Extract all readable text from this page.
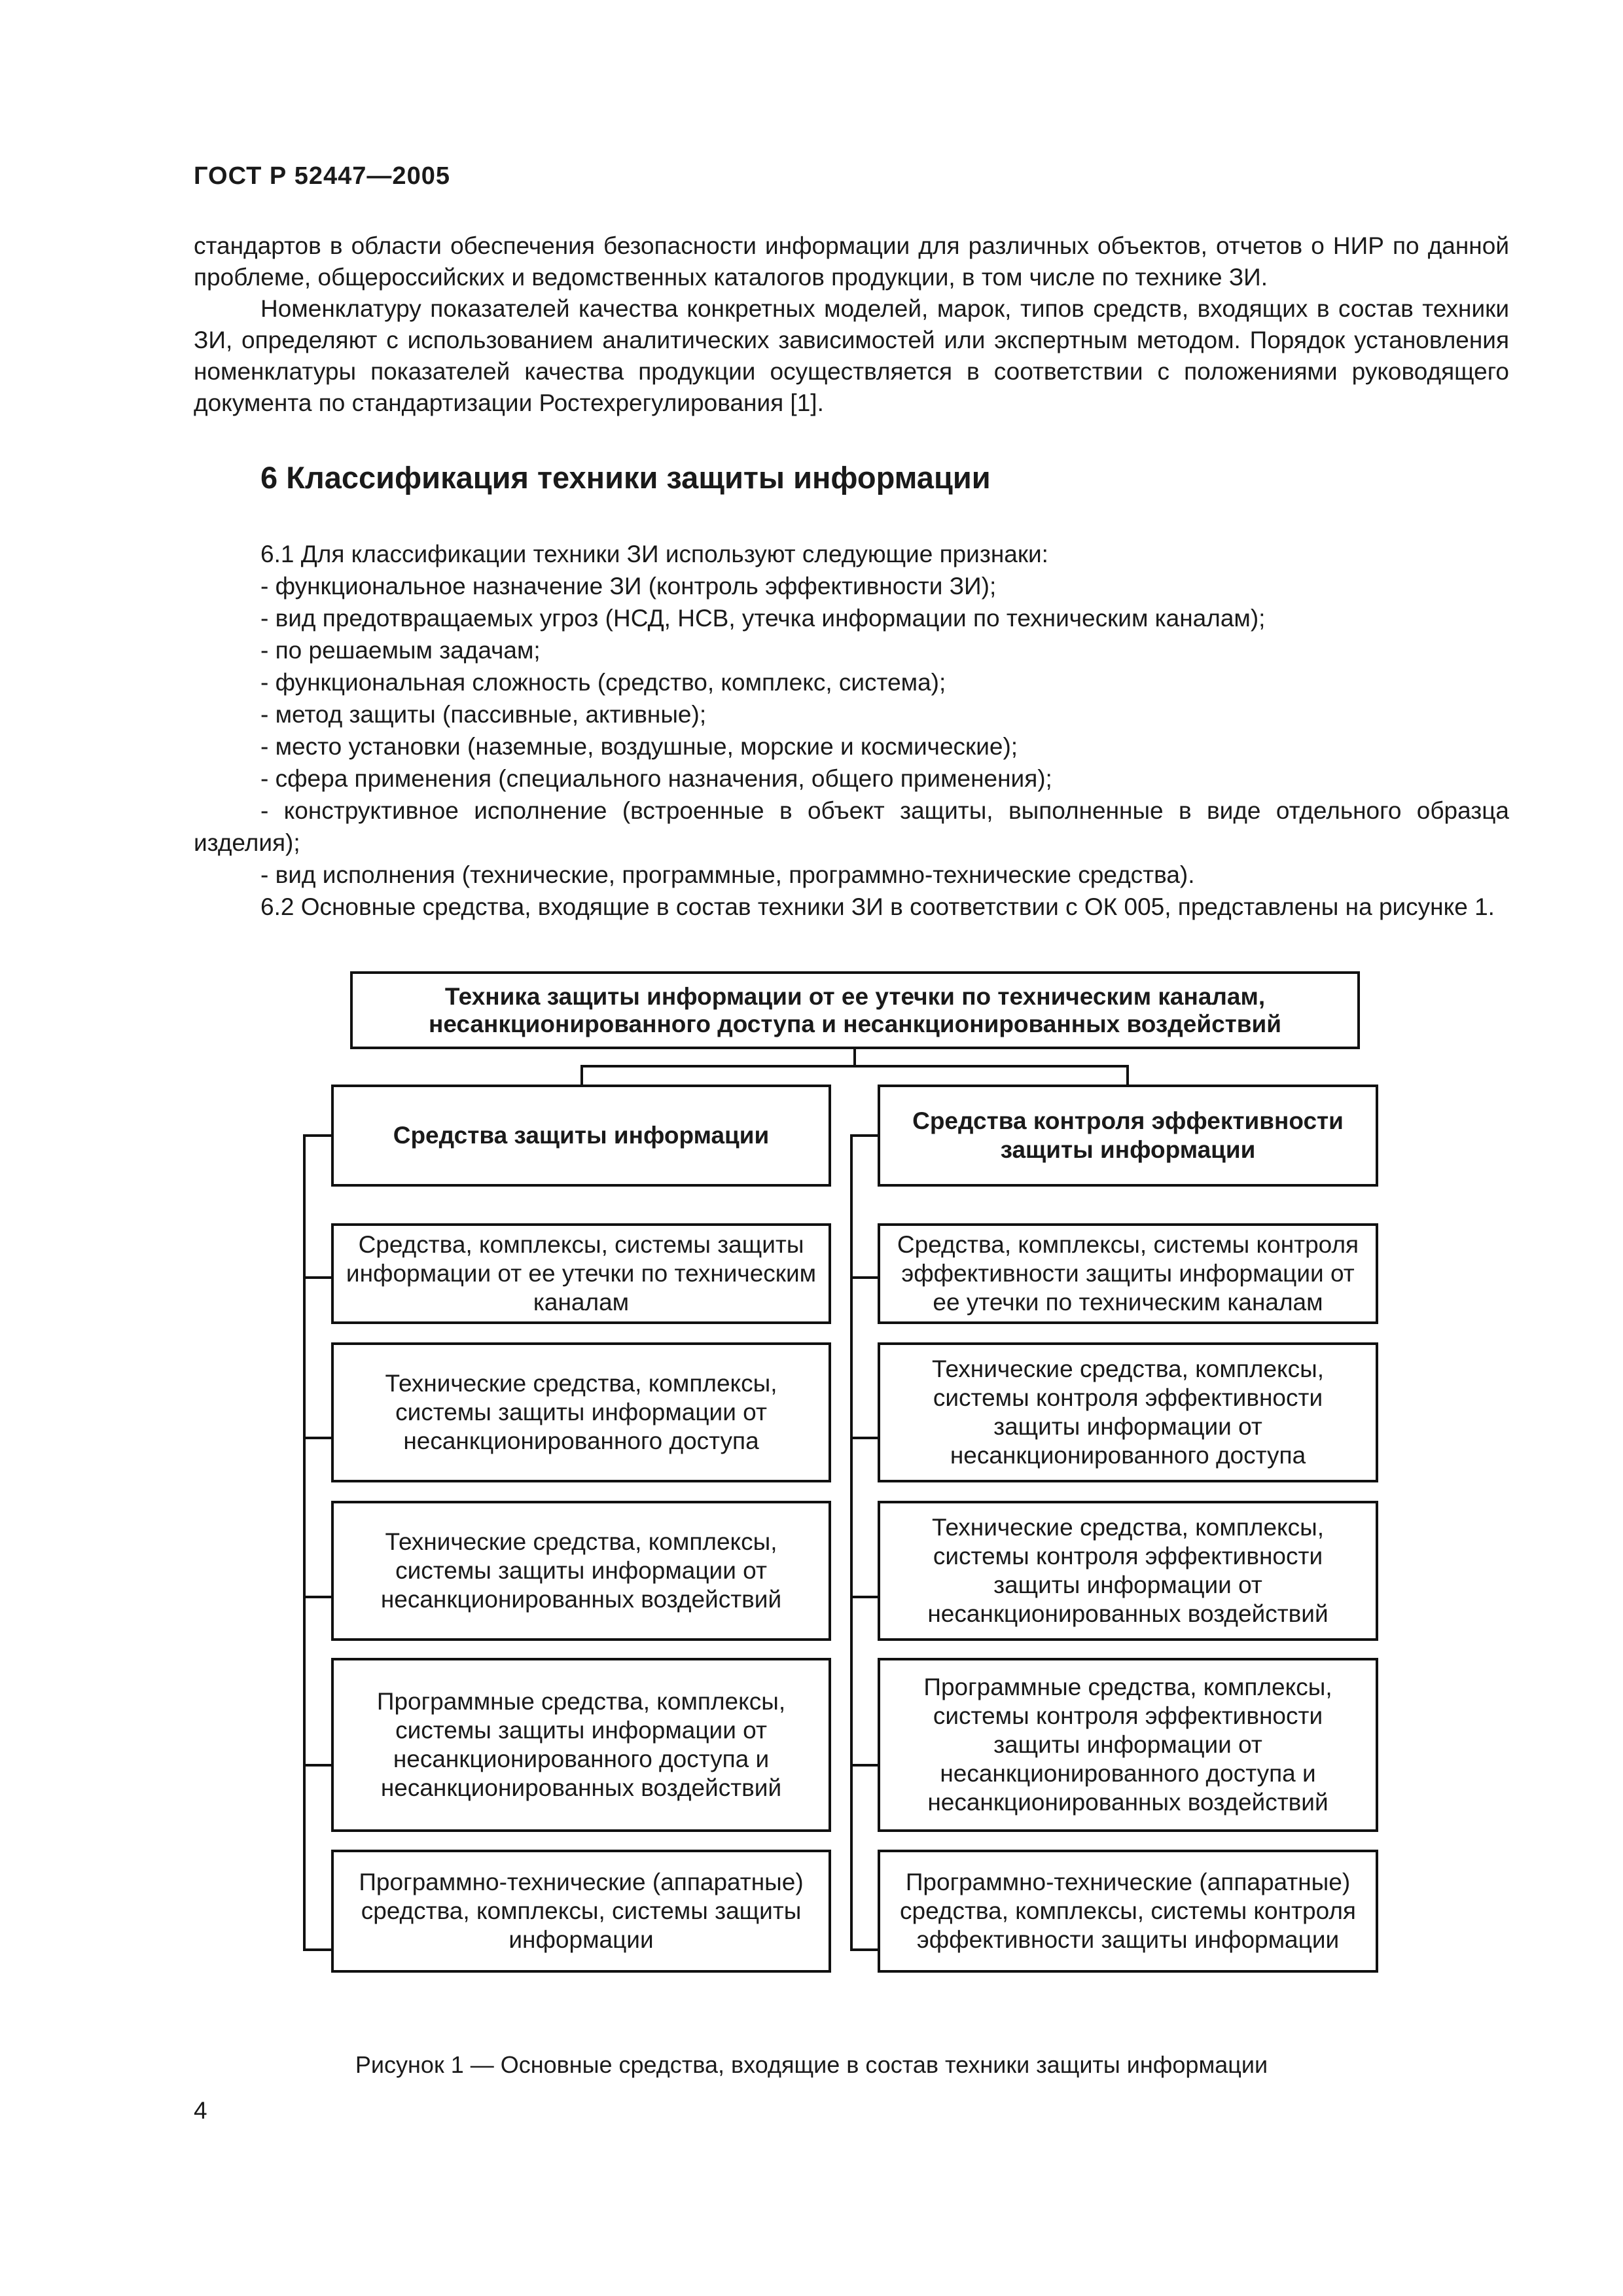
ГОСТ Р 52447—2005

стандартов в области обеспечения безопасности информации для различных объектов, отчетов о НИР по данной проблеме, общероссийских и ведомственных каталогов продукции, в том числе по технике ЗИ.

Номенклатуру показателей качества конкретных моделей, марок, типов средств, входящих в состав техники ЗИ, определяют с использованием аналитических зависимостей или экспертным методом. Порядок установления номенклатуры показателей качества продукции осуществляется в соответствии с положениями руководящего документа по стандартизации Ростехрегулирования [1].

6 Классификация техники защиты информации

6.1 Для классификации техники ЗИ используют следующие признаки:

- функциональное назначение ЗИ (контроль эффективности ЗИ);

- вид предотвращаемых угроз (НСД, НСВ, утечка информации по техническим каналам);

- по решаемым задачам;

- функциональная сложность (средство, комплекс, система);

- метод защиты (пассивные, активные);

- место установки (наземные, воздушные, морские и космические);

- сфера применения (специального назначения, общего применения);

- конструктивное исполнение (встроенные в объект защиты, выполненные в виде отдельного образца изделия);

- вид исполнения (технические, программные, программно-технические средства).

6.2 Основные средства, входящие в состав техники ЗИ в соответствии с ОК 005, представлены на рисунке 1.

Техника защиты информации от ее утечки по техническим каналам, несанкционированного доступа и несанкционированных воздействий
Средства защиты информации
Средства контроля эффективности защиты информации
Средства, комплексы, системы защиты информации от ее утечки по техническим каналам
Технические средства, комплексы, системы защиты информации от несанкционированного доступа
Технические средства, комплексы, системы защиты информации от несанкционированных воздействий
Программные средства, комплексы, системы защиты информации от несанкционированного доступа и несанкционированных воздействий
Программно-технические (аппаратные) средства, комплексы, системы защиты информации
Средства, комплексы, системы контроля эффективности защиты информации от ее утечки по техническим каналам
Технические средства, комплексы, системы контроля эффективности защиты информации от несанкционированного доступа
Технические средства, комплексы, системы контроля эффективности защиты информации от несанкционированных воздействий
Программные средства, комплексы, системы контроля эффективности защиты информации от несанкционированного доступа и несанкционированных воздействий
Программно-технические (аппаратные) средства, комплексы, системы контроля эффективности защиты информации
Рисунок 1 — Основные средства, входящие в состав техники защиты информации
4
